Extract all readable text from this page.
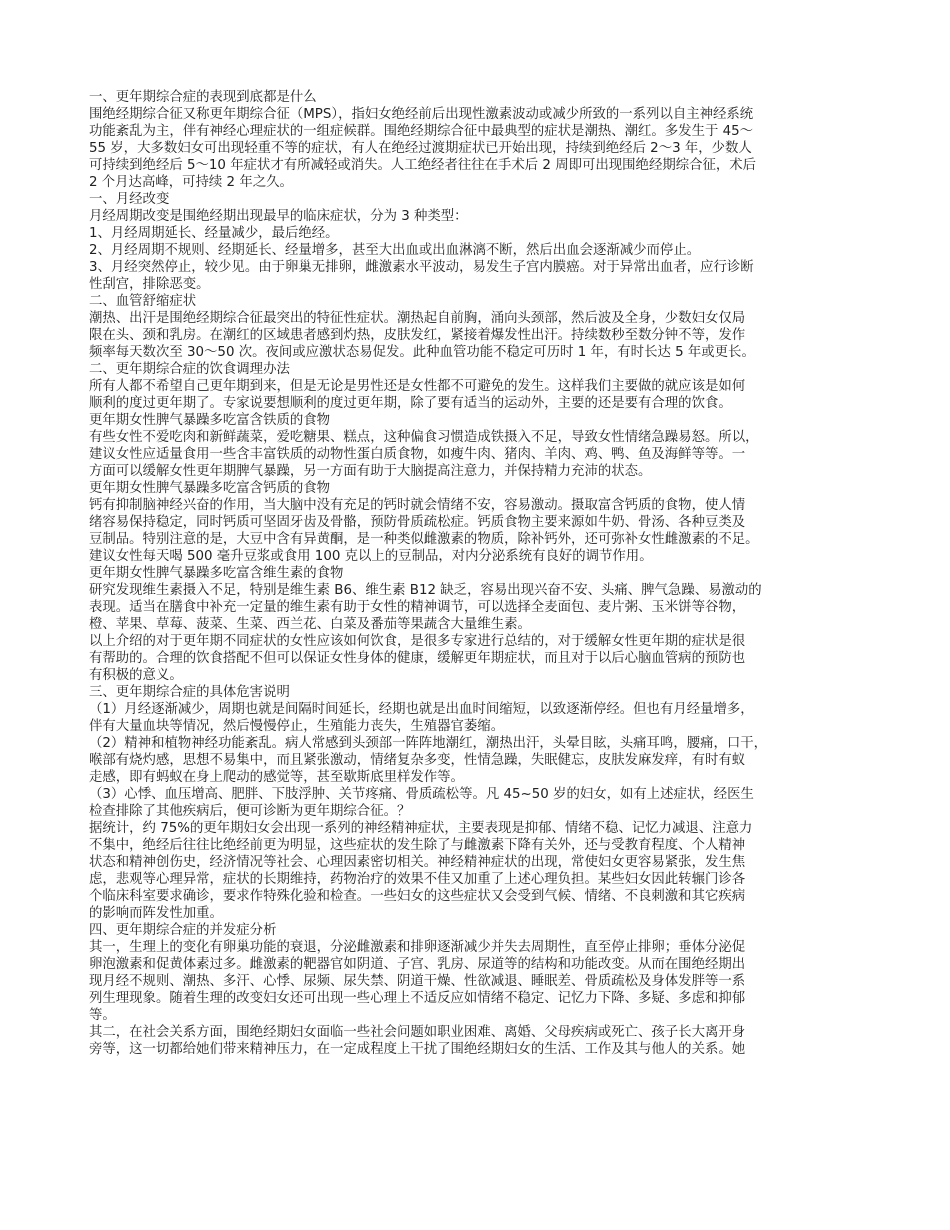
一、更年期综合症的表现到底都是什么
围绝经期综合征又称更年期综合征（MPS），指妇女绝经前后出现性激素波动或减少所致的一系列以自主神经系统
功能紊乱为主，伴有神经心理症状的一组症候群。围绝经期综合征中最典型的症状是潮热、潮红。多发生于 45～
55 岁，大多数妇女可出现轻重不等的症状，有人在绝经过渡期症状已开始出现，持续到绝经后 2～3 年，少数人
可持续到绝经后 5～10 年症状才有所减轻或消失。人工绝经者往往在手术后 2 周即可出现围绝经期综合征，术后
2 个月达高峰，可持续 2 年之久。
一、月经改变
月经周期改变是围绝经期出现最早的临床症状，分为 3 种类型：
1、月经周期延长、经量减少，最后绝经。
2、月经周期不规则、经期延长、经量增多，甚至大出血或出血淋漓不断，然后出血会逐渐减少而停止。
3、月经突然停止，较少见。由于卵巢无排卵，雌激素水平波动，易发生子宫内膜癌。对于异常出血者，应行诊断
性刮宫，排除恶变。
二、血管舒缩症状
潮热、出汗是围绝经期综合征最突出的特征性症状。潮热起自前胸，涌向头颈部，然后波及全身，少数妇女仅局
限在头、颈和乳房。在潮红的区域患者感到灼热，皮肤发红，紧接着爆发性出汗。持续数秒至数分钟不等，发作
频率每天数次至 30～50 次。夜间或应激状态易促发。此种血管功能不稳定可历时 1 年，有时长达 5 年或更长。
二、更年期综合症的饮食调理办法
所有人都不希望自己更年期到来，但是无论是男性还是女性都不可避免的发生。这样我们主要做的就应该是如何
顺利的度过更年期了。专家说要想顺利的度过更年期，除了要有适当的运动外，主要的还是要有合理的饮食。
更年期女性脾气暴躁多吃富含铁质的食物
有些女性不爱吃肉和新鲜蔬菜，爱吃糖果、糕点，这种偏食习惯造成铁摄入不足，导致女性情绪急躁易怒。所以，
建议女性应适量食用一些含丰富铁质的动物性蛋白质食物，如瘦牛肉、猪肉、羊肉、鸡、鸭、鱼及海鲜等等。一
方面可以缓解女性更年期脾气暴躁，另一方面有助于大脑提高注意力，并保持精力充沛的状态。
更年期女性脾气暴躁多吃富含钙质的食物
钙有抑制脑神经兴奋的作用，当大脑中没有充足的钙时就会情绪不安，容易激动。摄取富含钙质的食物，使人情
绪容易保持稳定，同时钙质可坚固牙齿及骨骼，预防骨质疏松症。钙质食物主要来源如牛奶、骨汤、各种豆类及
豆制品。特别注意的是，大豆中含有异黄酮，是一种类似雌激素的物质，除补钙外，还可弥补女性雌激素的不足。
建议女性每天喝 500 毫升豆浆或食用 100 克以上的豆制品，对内分泌系统有良好的调节作用。
更年期女性脾气暴躁多吃富含维生素的食物
研究发现维生素摄入不足，特别是维生素 B6、维生素 B12 缺乏，容易出现兴奋不安、头痛、脾气急躁、易激动的
表现。适当在膳食中补充一定量的维生素有助于女性的精神调节，可以选择全麦面包、麦片粥、玉米饼等谷物，
橙、苹果、草莓、菠菜、生菜、西兰花、白菜及番茄等果蔬含大量维生素。
以上介绍的对于更年期不同症状的女性应该如何饮食，是很多专家进行总结的，对于缓解女性更年期的症状是很
有帮助的。合理的饮食搭配不但可以保证女性身体的健康，缓解更年期症状，而且对于以后心脑血管病的预防也
有积极的意义。
三、更年期综合症的具体危害说明
（1）月经逐渐减少，周期也就是间隔时间延长，经期也就是出血时间缩短，以致逐渐停经。但也有月经量增多，
伴有大量血块等情况，然后慢慢停止，生殖能力丧失，生殖器官萎缩。
（2）精神和植物神经功能紊乱。病人常感到头颈部一阵阵地潮红，潮热出汗，头晕目眩，头痛耳鸣，腰痛，口干，
喉部有烧灼感，思想不易集中，而且紧张激动，情绪复杂多变，性情急躁，失眠健忘，皮肤发麻发痒，有时有蚁
走感，即有蚂蚁在身上爬动的感觉等，甚至歇斯底里样发作等。
（3）心悸、血压增高、肥胖、下肢浮肿、关节疼痛、骨质疏松等。凡 45~50 岁的妇女，如有上述症状，经医生
检查排除了其他疾病后，便可诊断为更年期综合征。？
据统计，约 75%的更年期妇女会出现一系列的神经精神症状，主要表现是抑郁、情绪不稳、记忆力减退、注意力
不集中，绝经后往往比绝经前更为明显，这些症状的发生除了与雌激素下降有关外，还与受教育程度、个人精神
状态和精神创伤史，经济情况等社会、心理因素密切相关。神经精神症状的出现，常使妇女更容易紧张，发生焦
虑，悲观等心理异常，症状的长期维持，药物治疗的效果不佳又加重了上述心理负担。某些妇女因此转辗门诊各
个临床科室要求确诊，要求作特殊化验和检查。一些妇女的这些症状又会受到气候、情绪、不良刺激和其它疾病
的影响而阵发性加重。
四、更年期综合症的并发症分析
其一，生理上的变化有卵巢功能的衰退，分泌雌激素和排卵逐渐减少并失去周期性，直至停止排卵；垂体分泌促
卵泡激素和促黄体素过多。雌激素的靶器官如阴道、子宫、乳房、尿道等的结构和功能改变。从而在围绝经期出
现月经不规则、潮热、多汗、心悸、尿频、尿失禁、阴道干燥、性欲减退、睡眠差、骨质疏松及身体发胖等一系
列生理现象。随着生理的改变妇女还可出现一些心理上不适反应如情绪不稳定、记忆力下降、多疑、多虑和抑郁
等。
其二，在社会关系方面，围绝经期妇女面临一些社会问题如职业困难、离婚、父母疾病或死亡、孩子长大离开身
旁等，这一切都给她们带来精神压力，在一定成程度上干扰了围绝经期妇女的生活、工作及其与他人的关系。她
